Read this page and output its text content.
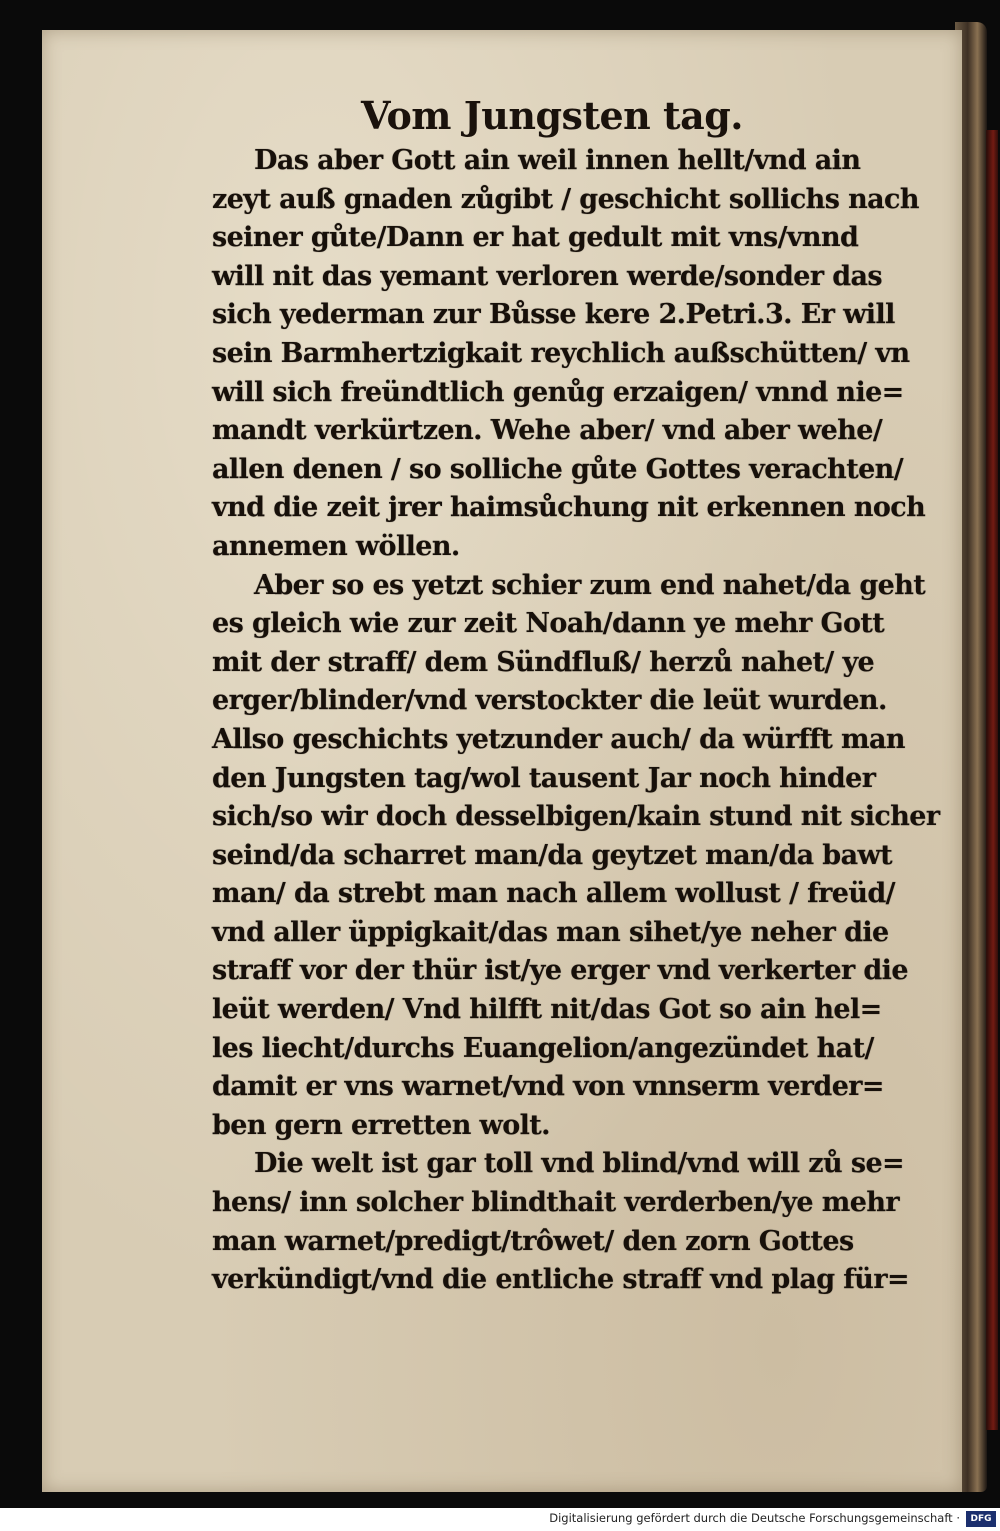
Vom Jungsten tag.
Das aber Gott ain weil innen hellt/vnd ain
zeyt auß gnaden zůgibt / geschicht sollichs nach
seiner gůte/Dann er hat gedult mit vns/vnnd
will nit das yemant verloren werde/sonder das
sich yederman zur Bůsse kere 2.Petri.3. Er will
sein Barmhertzigkait reychlich außschütten/ vn
will sich freündtlich genůg erzaigen/ vnnd nie=
mandt verkürtzen. Wehe aber/ vnd aber wehe/
allen denen / so solliche gůte Gottes verachten/
vnd die zeit jrer haimsůchung nit erkennen noch
annemen wöllen.
Aber so es yetzt schier zum end nahet/da geht
es gleich wie zur zeit Noah/dann ye mehr Gott
mit der straff/ dem Sündfluß/ herzů nahet/ ye
erger/blinder/vnd verstockter die leüt wurden.
Allso geschichts yetzunder auch/ da würfft man
den Jungsten tag/wol tausent Jar noch hinder
sich/so wir doch desselbigen/kain stund nit sicher
seind/da scharret man/da geytzet man/da bawt
man/ da strebt man nach allem wollust / freüd/
vnd aller üppigkait/das man sihet/ye neher die
straff vor der thür ist/ye erger vnd verkerter die
leüt werden/ Vnd hilfft nit/das Got so ain hel=
les liecht/durchs Euangelion/angezündet hat/
damit er vns warnet/vnd von vnnserm verder=
ben gern erretten wolt.
Die welt ist gar toll vnd blind/vnd will zů se=
hens/ inn solcher blindthait verderben/ye mehr
man warnet/predigt/trôwet/ den zorn Gottes
verkündigt/vnd die entliche straff vnd plag für=
Digitalisierung gefördert durch die Deutsche Forschungsgemeinschaft ·	DFG
